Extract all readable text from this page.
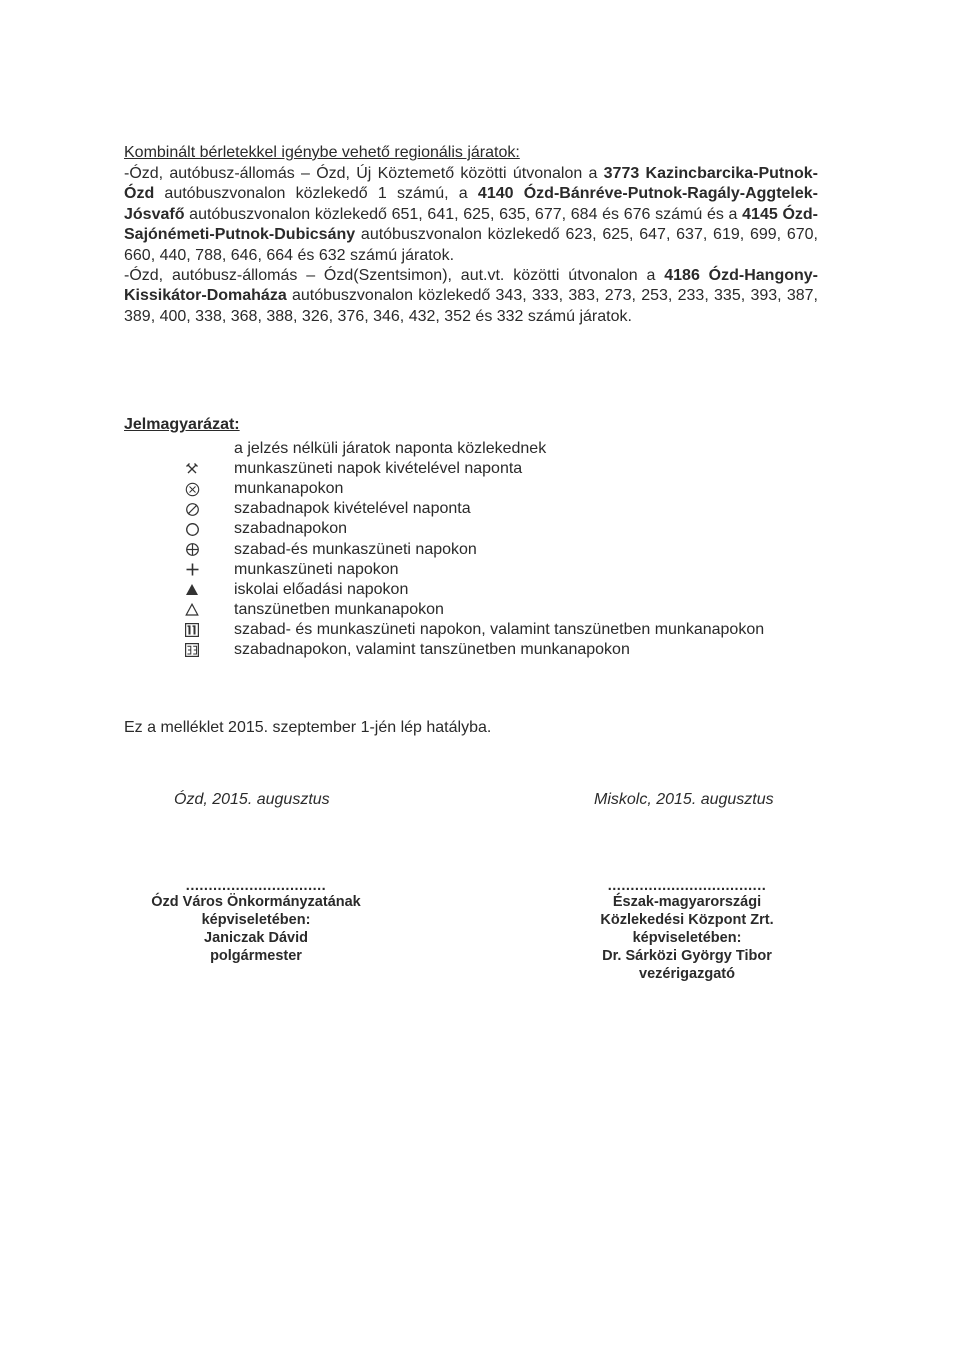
Kombinált bérletekkel igénybe vehető regionális járatok:

-Ózd, autóbusz-állomás – Ózd, Új Köztemető közötti útvonalon a 3773 Kazincbarcika-Putnok-Ózd autóbuszvonalon közlekedő 1 számú, a 4140 Ózd-Bánréve-Putnok-Ragály-Aggtelek-Jósvafő autóbuszvonalon közlekedő 651, 641, 625, 635, 677, 684 és 676 számú és a 4145 Ózd-Sajónémeti-Putnok-Dubicsány autóbuszvonalon közlekedő 623, 625, 647, 637, 619, 699, 670, 660, 440, 788, 646, 664 és 632 számú járatok.

-Ózd, autóbusz-állomás – Ózd(Szentsimon), aut.vt. közötti útvonalon a 4186 Ózd-Hangony-Kissikátor-Domaháza autóbuszvonalon közlekedő 343, 333, 383, 273, 253, 233, 335, 393, 387, 389, 400, 338, 368, 388, 326, 376, 346, 432, 352 és 332 számú járatok.

Jelmagyarázat:

a jelzés nélküli járatok naponta közlekednek
munkaszüneti napok kivételével naponta
munkanapokon
szabadnapok kivételével naponta
szabadnapokon
szabad-és munkaszüneti napokon
munkaszüneti napokon
iskolai előadási napokon
tanszünetben munkanapokon
szabad- és munkaszüneti napokon, valamint tanszünetben munkanapokon
szabadnapokon, valamint tanszünetben munkanapokon

Ez a melléklet 2015. szeptember 1-jén lép hatályba.

Ózd, 2015. augusztus	Miskolc, 2015. augusztus

...............................
Ózd Város Önkormányzatának
képviseletében:
Janiczak Dávid
polgármester
...................................
Észak-magyarországi
Közlekedési Központ Zrt.
képviseletében:
Dr. Sárközi György Tibor
vezérigazgató
